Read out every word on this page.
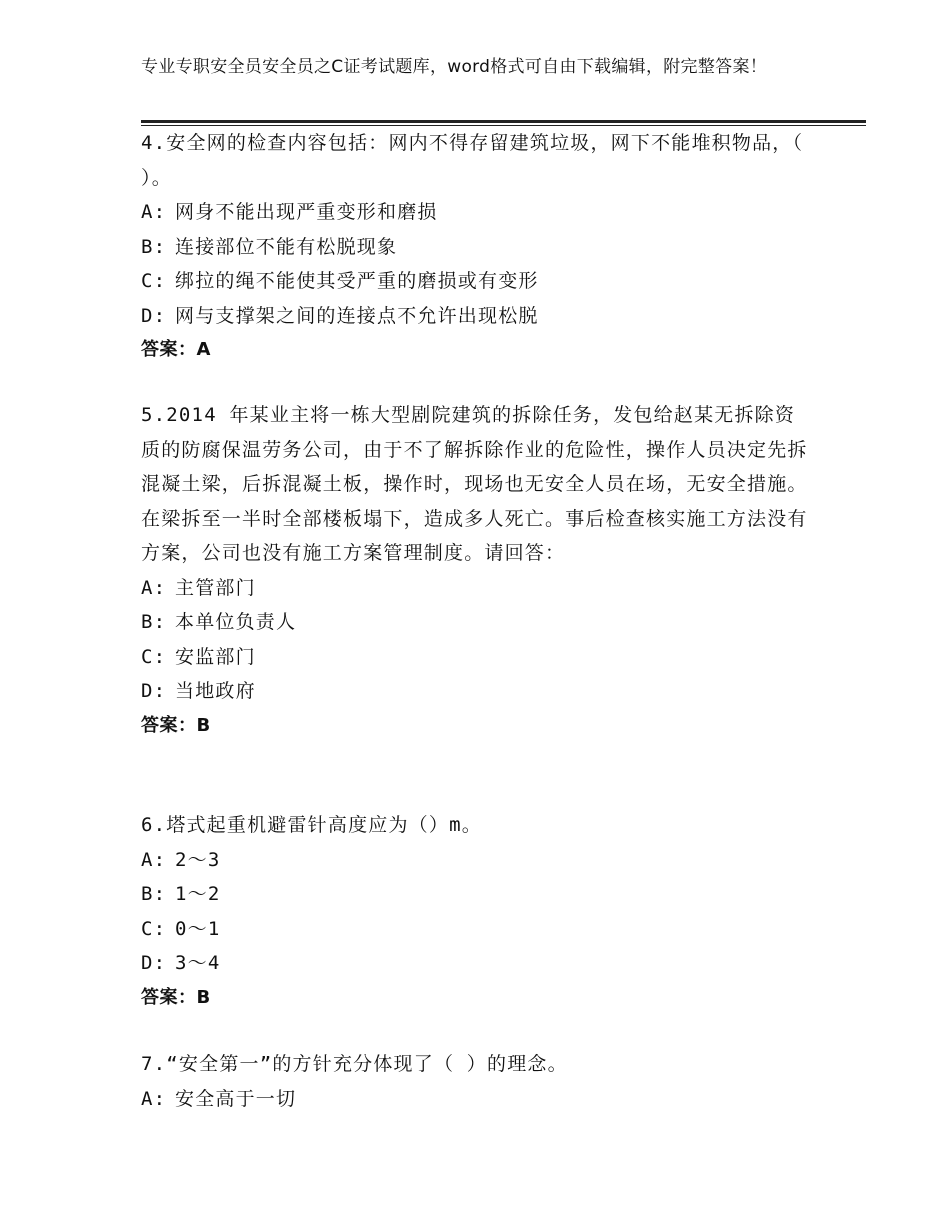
专业专职安全员安全员之C证考试题库，word格式可自由下载编辑，附完整答案！

4.安全网的检查内容包括：网内不得存留建筑垃圾，网下不能堆积物品，（ ）。

A: 网身不能出现严重变形和磨损
B: 连接部位不能有松脱现象
C: 绑拉的绳不能使其受严重的磨损或有变形
D: 网与支撑架之间的连接点不允许出现松脱
答案：A

5.2014 年某业主将一栋大型剧院建筑的拆除任务，发包给赵某无拆除资质的防腐保温劳务公司，由于不了解拆除作业的危险性，操作人员决定先拆混凝土梁，后拆混凝土板，操作时，现场也无安全人员在场，无安全措施。在梁拆至一半时全部楼板塌下，造成多人死亡。事后检查核实施工方法没有方案，公司也没有施工方案管理制度。请回答：

A: 主管部门
B: 本单位负责人
C: 安监部门
D: 当地政府
答案：B

6.塔式起重机避雷针高度应为（）m。

A: 2～3
B: 1～2
C: 0～1
D: 3～4
答案：B

7.“安全第一”的方针充分体现了（ ）的理念。

A: 安全高于一切
